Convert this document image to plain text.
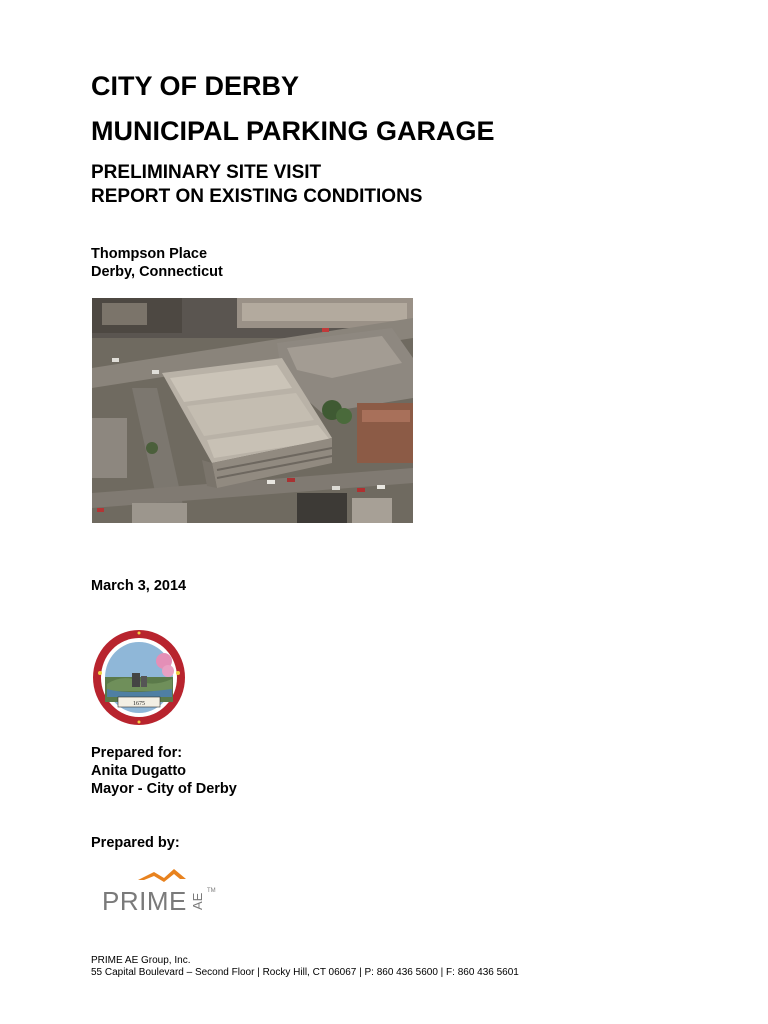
CITY OF DERBY
MUNICIPAL PARKING GARAGE
PRELIMINARY SITE VISIT
REPORT ON EXISTING CONDITIONS
Thompson Place
Derby, Connecticut
March 3, 2014
1675
Prepared for:
Anita Dugatto
Mayor - City of Derby
Prepared by:
PRIME AE
TM
PRIME AE Group, Inc.
55 Capital Boulevard – Second Floor | Rocky Hill, CT 06067 | P: 860 436 5600 | F: 860 436 5601
